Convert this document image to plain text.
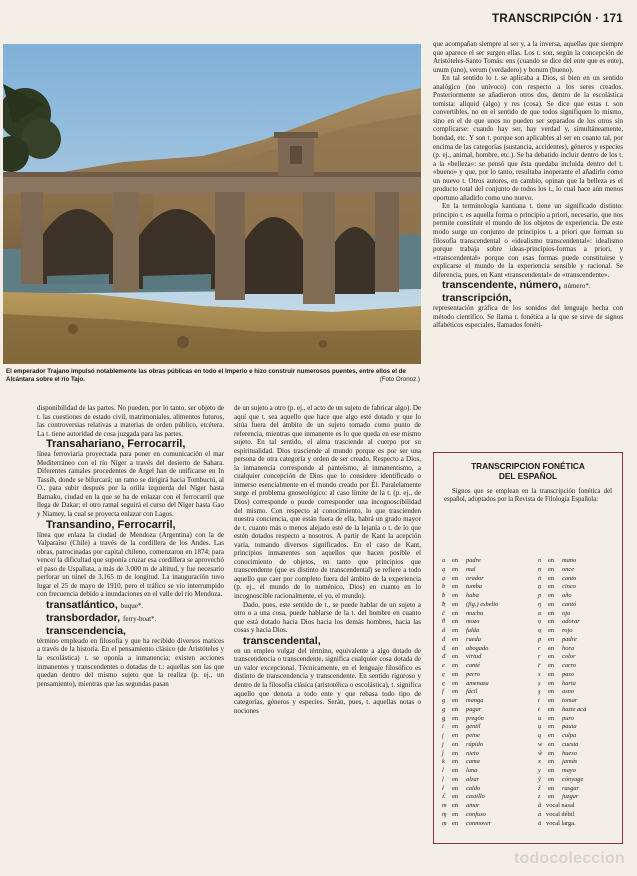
TRANSCRIPCIÓN · 171
El emperador Trajano impulsó notablemente las obras públicas en todo el Imperio e hizo construir numerosos puentes, entre ellos el de Alcántara sobre el río Tajo.	(Foto Oronoz.)

disponibilidad de las partes. No pueden, por lo tanto, ser objeto de t. las cuestiones de estado civil, matrimoniales, alimentos futuros, las controversias relativas a materias de orden público, etcétera. La t. tiene autoridad de cosa juzgada para las partes.

Transahariano, Ferrocarril,

línea ferroviaria proyectada para poner en comunicación el mar Mediterráneo con el río Níger a través del desierto de Sahara. Diferentes ramales procedentes de Argel han de unificarse en In Tassih, donde se bifurcará; un ramo se dirigirá hacia Tombuctú, al O., para subir después por la orilla izquierda del Níger hasta Bamako, ciudad en la que se ha de enlazar con el ferrocarril que llega de Dakar; el otro ramal seguirá el curso del Níger hasta Gao y Niamey, la cual se proyecta enlazar con Lagos.

Transandino, Ferrocarril,

línea que enlaza la ciudad de Mendoza (Argentina) con la de Valparaíso (Chile) a través de la cordillera de los Andes. Las obras, patrocinadas por capital chileno, comenzaron en 1874; para vencer la dificultad que suponía cruzar esa cordillera se aprovechó el paso de Uspallata, a más de 3.000 m de altitud, y fue necesario perforar un túnel de 3.165 m de longitud. La inauguración tuvo lugar el 25 de mayo de 1910, pero el tráfico se vio interrumpido con frecuencia debido a inundaciones en el valle del río Mendoza.

transatlántico, buque*.

transbordador, ferry-boat*.

transcendencia,

término empleado en filosofía y que ha recibido diversos matices a través de la historia. En el pensamiento clásico (de Aristóteles y la escolástica) t. se oponía a inmanencia; existen acciones inmanentes y transcendentes o dotadas de t.: aquellas son las que quedan dentro del mismo sujeto que la realiza (p. ej., un pensamiento), mientras que las segundas pasan

de un sujeto a otro (p. ej., el acto de un sujeto de fabricar algo). De aquí que t. sea aquello que hace que algo esté dotado y que lo sitúa fuera del ámbito de un sujeto tomado como punto de referencia, mientras que inmanente es lo que queda en ese mismo sujeto. En tal sentido, el alma trasciende al cuerpo por su espiritualidad. Dios trasciende al mundo porque es por ser una persona de otra categoría y orden de ser creado. Respecto a Dios, la inmanencia corresponde al panteísmo, al inmanentismo, a cualquier concepción de Dios que lo considere identificado o inmerso esencialmente en el mundo creado por Él. Paralelamente surge el problema gnoseológico: al caso límite de la t. (p. ej., de Dios) corresponde o puede corresponder una incognoscibilidad del mismo. Con respecto al conocimiento, lo que trascienden nuestra conciencia, que están fuera de ella, habrá un grado mayor de t. cuanto más o menos alejado esté de la lejanía o t. de lo que estén dotados respecto a nosotros. A partir de Kant la acepción varía, tomando diversos significados. En el caso de Kant, principios inmanentes son aquellos que hacen posible el conocimiento de objetos, en tanto que principios que transcendente (que es distinto de transcendental) se refiere a todo aquello que caer por completo fuera del ámbito de la experiencia (p. ej., el mundo de lo numénico, Dios) en cuanto en lo incognoscible racionalmente, el yo, el mundo).

Dado, pues, este sentido de t., se puede hablar de un sujeto a otro o a una cosa, puede hablarse de la t. del hombre en cuanto que está dotado hacia Dios hacia los demás hombres, hacia las cosas y hacia Dios.

transcendental,

en un empleo vulgar del término, equivalente a algo dotado de transcendencia o transcendente, significa cualquier cosa dotada de un valor excepcional. Técnicamente, en el lenguaje filosófico es distinto de transcendencia y transcendente. En sentido riguroso y dentro de la filosofía clásica (aristotélica o escolástica), t. significa aquello que denota a todo ente y que rebasa todo tipo de categorías, géneros y especies. Serán, pues, t. aquellas notas o nociones

que acompañan siempre al ser y, a la inversa, aquellas que siempre que aparece el ser surgen ellas. Los t. son, según la concepción de Aristóteles-Santo Tomás: ens (cuando se dice del ente que es ente), unum (uno), verum (verdadero) y bonum (bueno).

En tal sentido lo t. se aplicaba a Dios, si bien en un sentido analógico (no unívoco) con respecto a los seres creados. Posteriormente se añadieron otros dos, dentro de la escolástica tomista: aliquid (algo) y res (cosa). Se dice que estas t. son convertibles, no en el sentido de que todos signifiquen lo mismo, sino en el de que unos no pueden ser separados de los otros sin complicarse: cuando hay ser, hay verdad y, simultáneamente, bondad, etc. Y son t. porque son aplicables al ser en cuanto tal, por encima de las categorías (sustancia, accidentes), géneros y especies (p. ej., animal, hombre, etc.). Se ha debatido incluir dentro de los t. a la «belleza»: se pensó que ésta quedaba incluida dentro del t. «bueno» y que, por lo tanto, resultaba inoperante el añadirlo como un nuevo t. Otros autores, en cambio, opinan que la belleza es el producto total del conjunto de todos los t., lo cual hace aún menos oportuno añadirlo como uno nuevo.

En la terminología kantiana t. tiene un significado distinto: principio t. es aquella forma o principio a priori, necesario, que nos permite constituir el mundo de los objetos de experiencia. De este modo surge un conjunto de principios t. a priori que forman su filosofía transcendental o «idealismo transcendental»: idealismo porque trabaja sobre ideas-principios-formas a priori, y «transcendental» porque con esas formas puede constituirse y explicarse el mundo de la experiencia sensible y racional. Se diferencia, pues, en Kant «transcendental» de «transcendente».

transcendente, número, número*.

transcripción,

representación gráfica de los sonidos del lenguaje hecha con método científico. Se llama t. fonética a la que se sirve de signos alfabéticos especiales, llamados fonéti-

TRANSCRIPCION FONÉTICA
DEL ESPAÑOL
Signos que se emplean en la transcripción fonética del español, adoptados por la Revista de Filología Española:
a en padre
ą en mal
ạ en orador
b en tumba
ƀ en haba
ƀ̣ en (fig.) esbelto
č en mucho
θ en mozo
d en falda
đ en rueda
đ̣ en abogado
đ̇ en virtud
e en canté
ẹ en perro
ẹ̣ en amenaza
f en fácil
g en manga
ǥ en pagar
ǥ̣ en pregón
i en gentil
į en peine
j en rápido
ĵ en nieto
k en cama
l en lana
ḷ en alzar
ł en caldo
ʎ en castillo
m en amar
ɱ en confuso
ṃ en conmover
n en mano
ṇ en once
ṅ en canto
ṉ en cinco
ɲ en año
ŋ en cantó
o en ojo
ọ en adorar
ọ̣ en rojo
p en padre
r en hora
ṛ en color
r̄ en carro
s en paso
ṣ en harta
ş en asno
t en tomar
ŧ en hazte acá
u en puro
ụ en pauta
ų en culpa
w en cuesta
ŵ en hueso
x en jamás
y en mayo
ŷ en cónyuge
ẑ en rasgar
z en juzgar
ã vocal nasal
à vocal débil
ā vocal larga.
todocoleccion
